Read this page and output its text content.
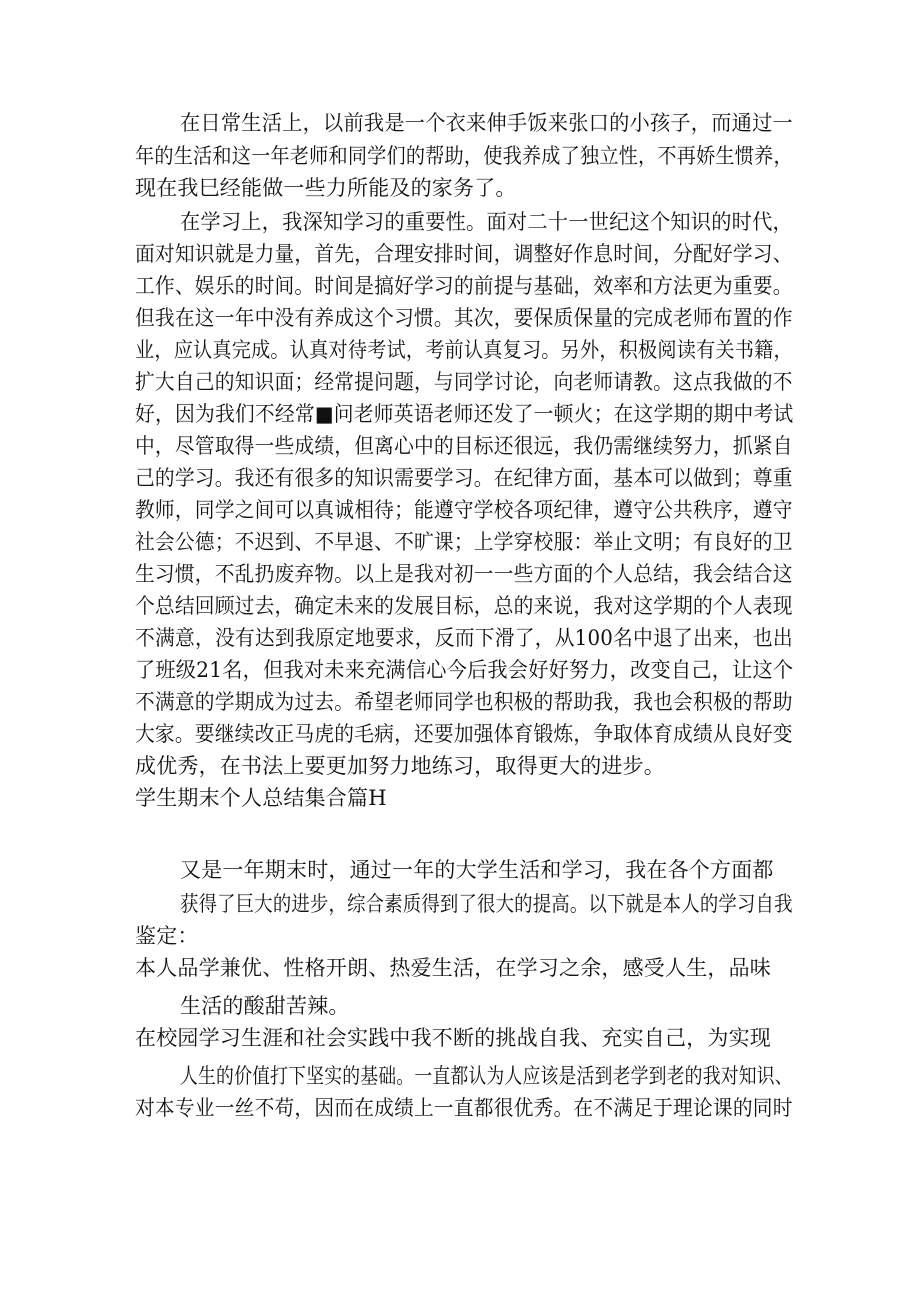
在日常生活上，以前我是一个衣来伸手饭来张口的小孩子，而通过一
年的生活和这一年老师和同学们的帮助，使我养成了独立性，不再娇生惯养，
现在我巳经能做一些力所能及的家务了。
在学习上，我深知学习的重要性。面对二十一世纪这个知识的时代，
面对知识就是力量，首先，合理安排时间，调整好作息时间，分配好学习、
工作、娱乐的时间。时间是搞好学习的前提与基础，效率和方法更为重要。
但我在这一年中没有养成这个习惯。其次，要保质保量的完成老师布置的作
业，应认真完成。认真对待考试，考前认真复习。另外，积极阅读有关书籍，
扩大自己的知识面；经常提问题，与同学讨论，向老师请教。这点我做的不
好，因为我们不经常■问老师英语老师还发了一顿火；在这学期的期中考试
中，尽管取得一些成绩，但离心中的目标还很远，我仍需继续努力，抓紧自
己的学习。我还有很多的知识需要学习。在纪律方面，基本可以做到；尊重
教师，同学之间可以真诚相待；能遵守学校各项纪律，遵守公共秩序，遵守
社会公德；不迟到、不早退、不旷课；上学穿校服：举止文明；有良好的卫
生习惯，不乱扔废弃物。以上是我对初一一些方面的个人总结，我会结合这
个总结回顾过去，确定未来的发展目标，总的来说，我对这学期的个人表现
不满意，没有达到我原定地要求，反而下滑了，从100名中退了出来，也出
了班级21名，但我对未来充满信心今后我会好好努力，改变自己，让这个
不满意的学期成为过去。希望老师同学也积极的帮助我，我也会积极的帮助
大家。要继续改正马虎的毛病，还要加强体育锻炼，争取体育成绩从良好变
成优秀，在书法上要更加努力地练习，取得更大的进步。
学生期末个人总结集合篇H
又是一年期末时，通过一年的大学生活和学习，我在各个方面都
获得了巨大的进步，综合素质得到了很大的提高。以下就是本人的学习自我
鉴定：
本人品学兼优、性格开朗、热爱生活，在学习之余，感受人生，品味
生活的酸甜苦辣。
在校园学习生涯和社会实践中我不断的挑战自我、充实自己，为实现
人生的价值打下坚实的基础。一直都认为人应该是活到老学到老的我对知识、
对本专业一丝不苟，因而在成绩上一直都很优秀。在不满足于理论课的同时
